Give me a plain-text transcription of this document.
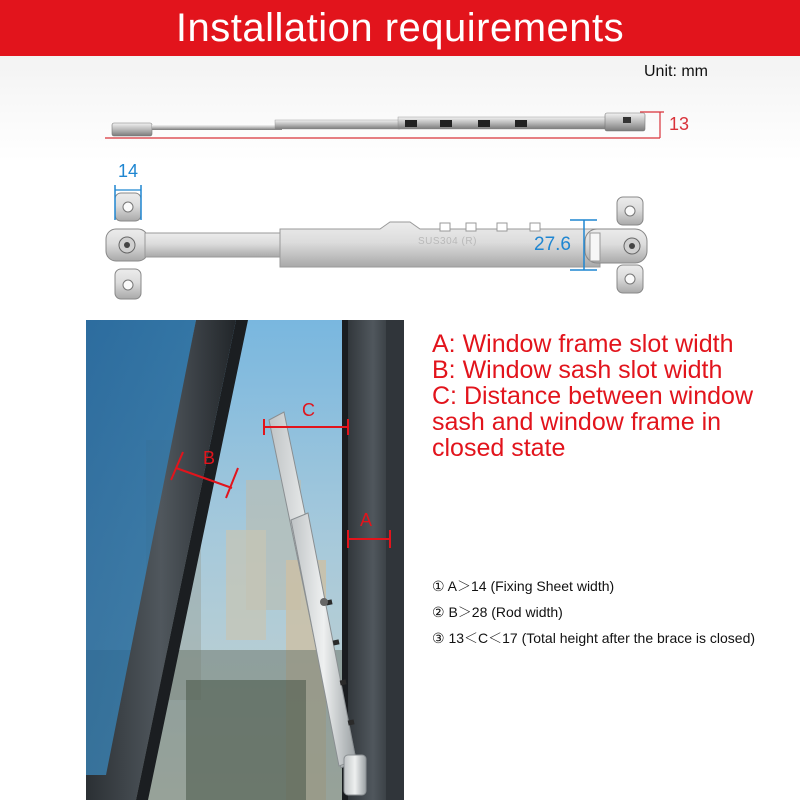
Installation requirements
Unit: mm
13
14
27.6
SUS304 (R)
C
B
A

A: Window frame slot width

B: Window sash slot width

C: Distance between window sash and window frame in closed state

① A＞14 (Fixing Sheet width)

② B＞28 (Rod width)

③ 13＜C＜17 (Total height after the brace is closed)
